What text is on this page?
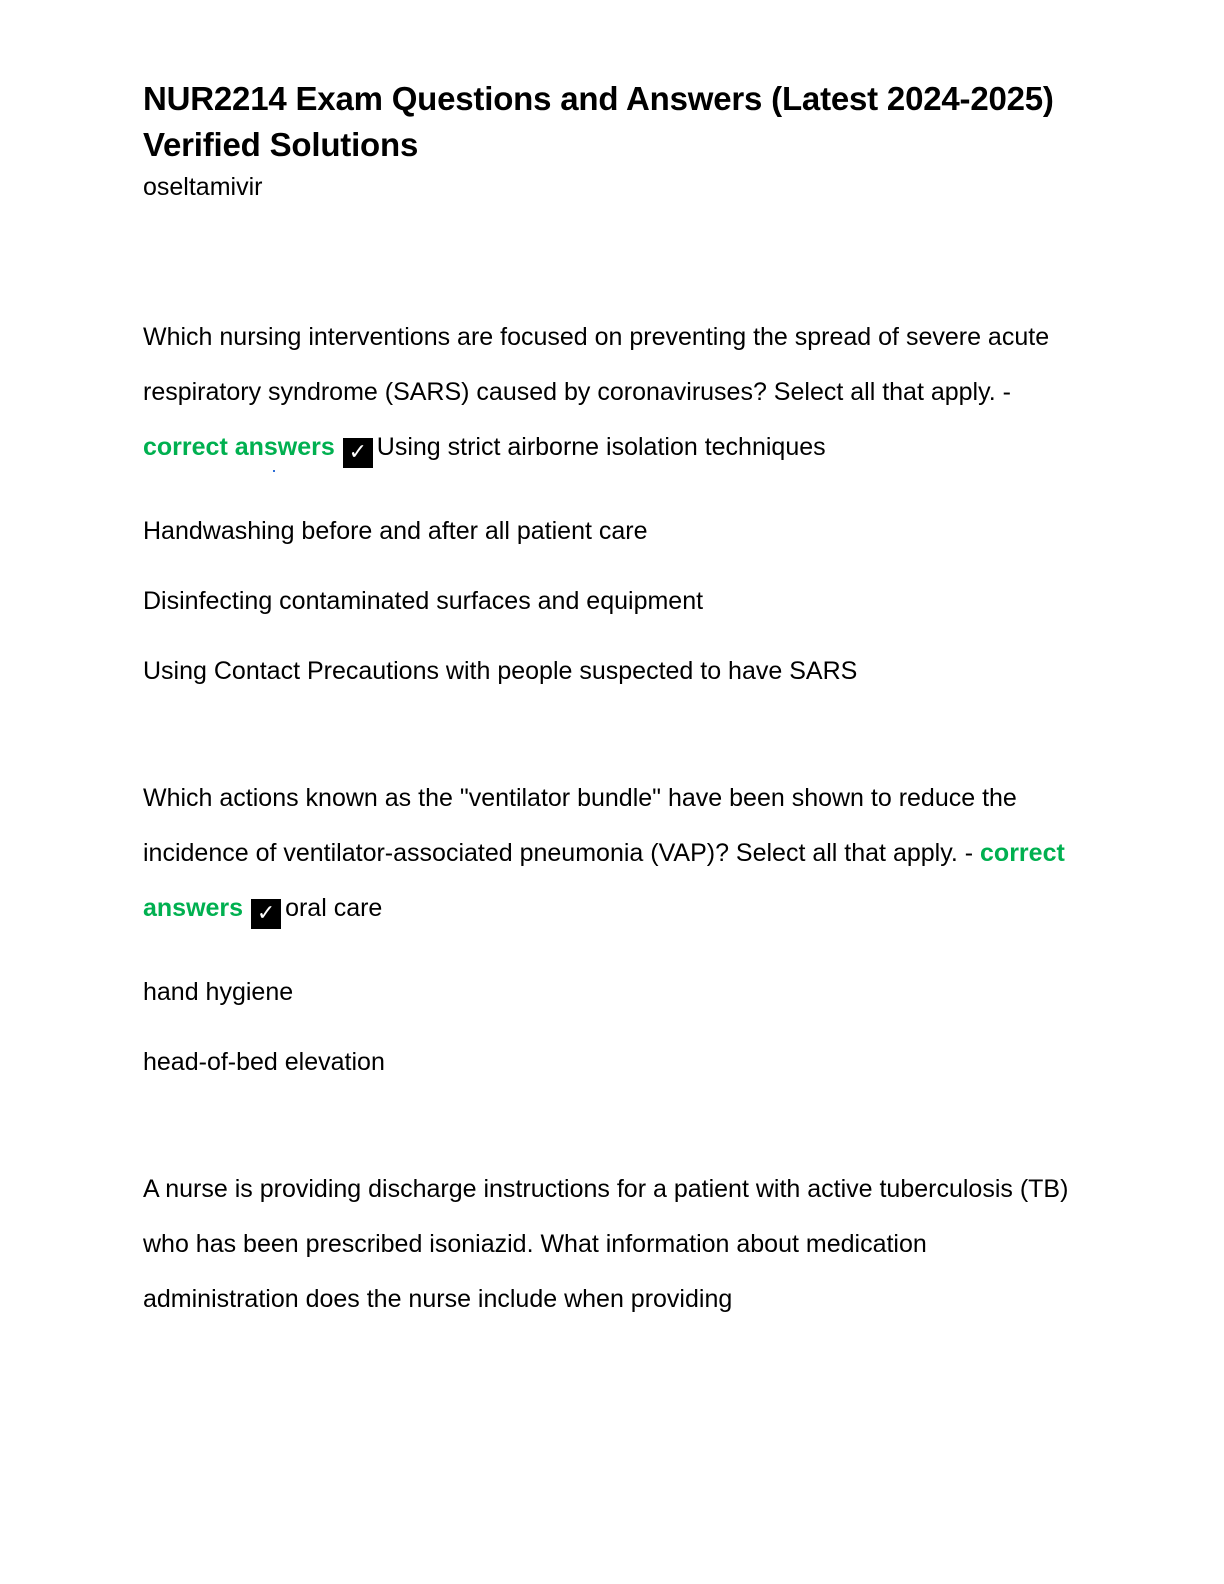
NUR2214 Exam Questions and Answers (Latest 2024-2025) Verified Solutions

oseltamivir

Which nursing interventions are focused on preventing the spread of severe acute respiratory syndrome (SARS) caused by coronaviruses? Select all that apply. - correct answers ✓ Using strict airborne isolation techniques

Handwashing before and after all patient care

Disinfecting contaminated surfaces and equipment

Using Contact Precautions with people suspected to have SARS

Which actions known as the "ventilator bundle" have been shown to reduce the incidence of ventilator-associated pneumonia (VAP)? Select all that apply. - correct answers ✓ oral care

hand hygiene

head-of-bed elevation

A nurse is providing discharge instructions for a patient with active tuberculosis (TB) who has been prescribed isoniazid. What information about medication administration does the nurse include when providing
